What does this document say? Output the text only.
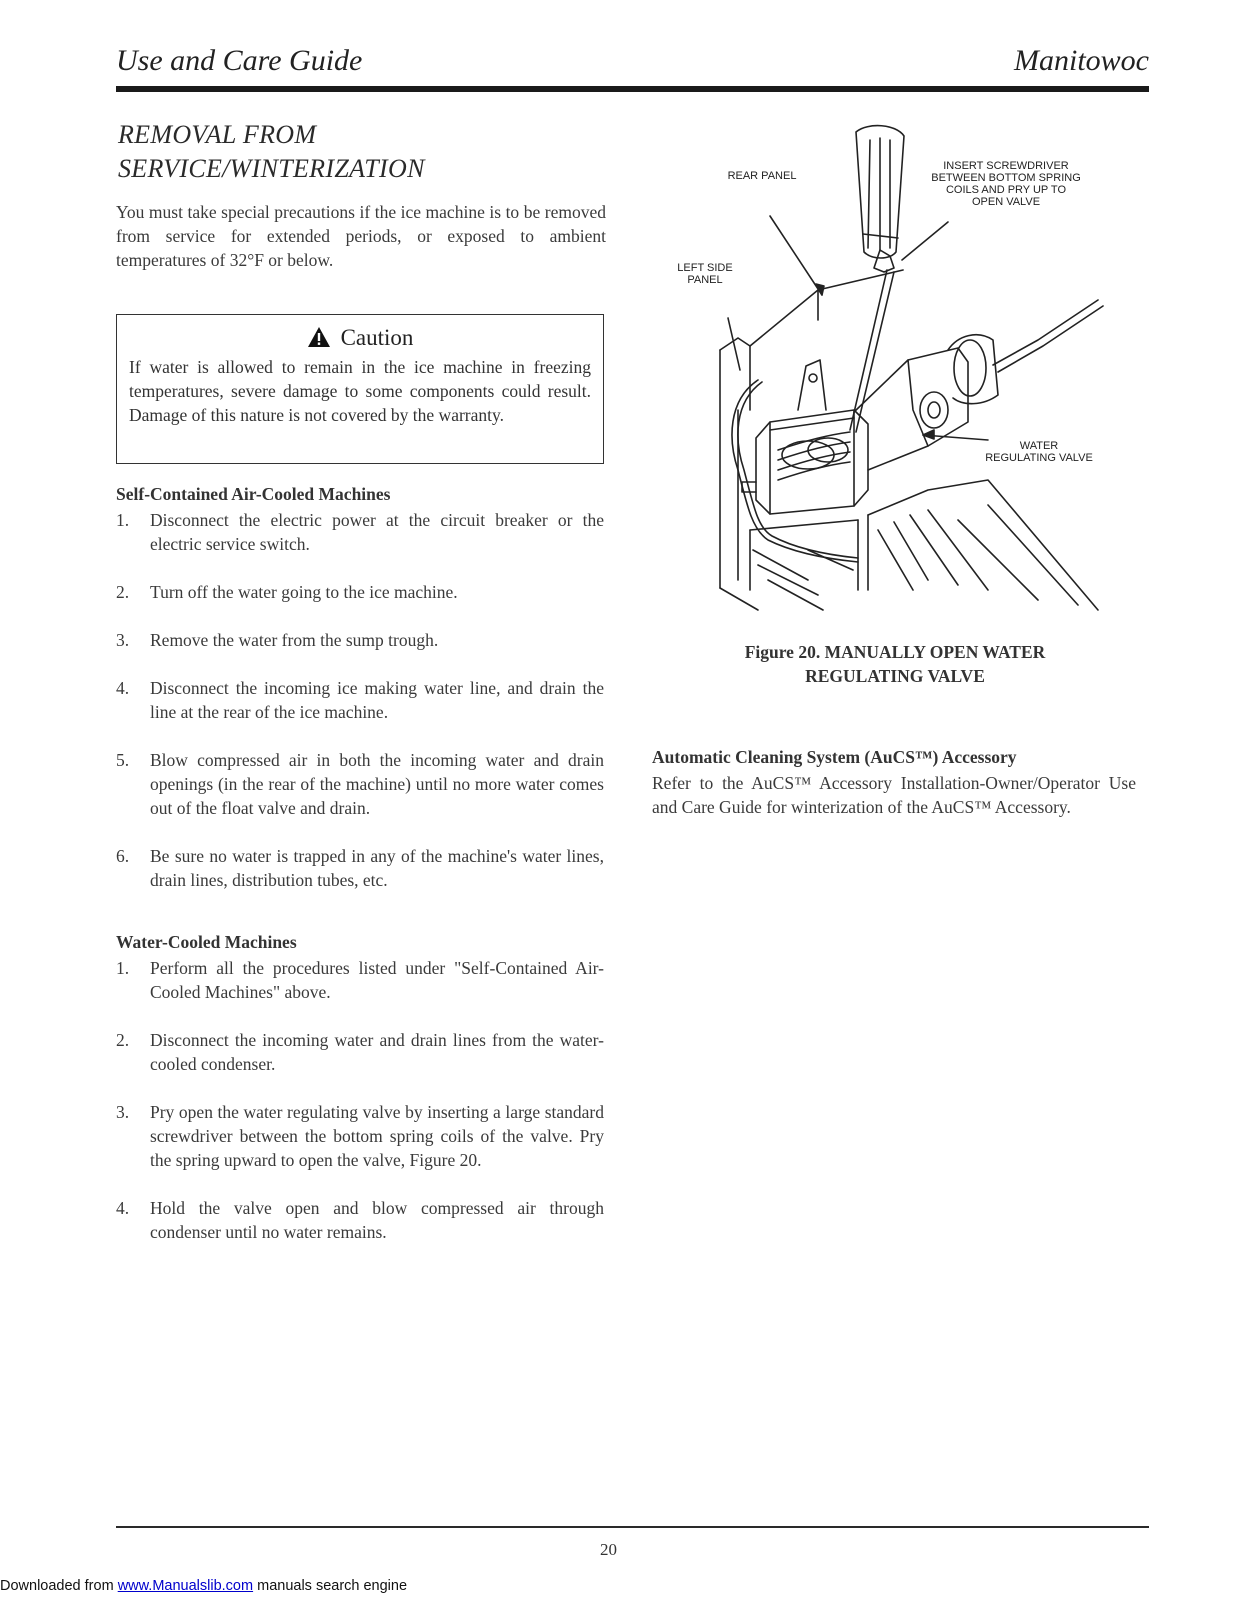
Use and Care Guide	Manitowoc
REMOVAL FROM
SERVICE/WINTERIZATION

You must take special precautions if the ice machine is to be removed from service for extended periods, or exposed to ambient temperatures of 32°F or below.

Caution

If water is allowed to remain in the ice machine in freezing temperatures, severe damage to some components could result. Damage of this nature is not covered by the warranty.

Self-Contained Air-Cooled Machines
1. Disconnect the electric power at the circuit breaker or the electric service switch.
2. Turn off the water going to the ice machine.
3. Remove the water from the sump trough.
4. Disconnect the incoming ice making water line, and drain the line at the rear of the ice machine.
5. Blow compressed air in both the incoming water and drain openings (in the rear of the machine) until no more water comes out of the float valve and drain.
6. Be sure no water is trapped in any of the machine's water lines, drain lines, distribution tubes, etc.
Water-Cooled Machines
1. Perform all the procedures listed under "Self-Contained Air-Cooled Machines" above.
2. Disconnect the incoming water and drain lines from the water-cooled condenser.
3. Pry open the water regulating valve by inserting a large standard screwdriver between the bottom spring coils of the valve. Pry the spring upward to open the valve, Figure 20.
4. Hold the valve open and blow compressed air through condenser until no water remains.
REAR PANEL
INSERT SCREWDRIVER BETWEEN BOTTOM SPRING COILS AND PRY UP TO OPEN VALVE
LEFT SIDE PANEL
WATER REGULATING VALVE
Figure 20. MANUALLY OPEN WATER
REGULATING VALVE
Automatic Cleaning System (AuCS™) Accessory

Refer to the AuCS™ Accessory Installation-Owner/Operator Use and Care Guide for winterization of the AuCS™ Accessory.

20
Downloaded from www.Manualslib.com manuals search engine
